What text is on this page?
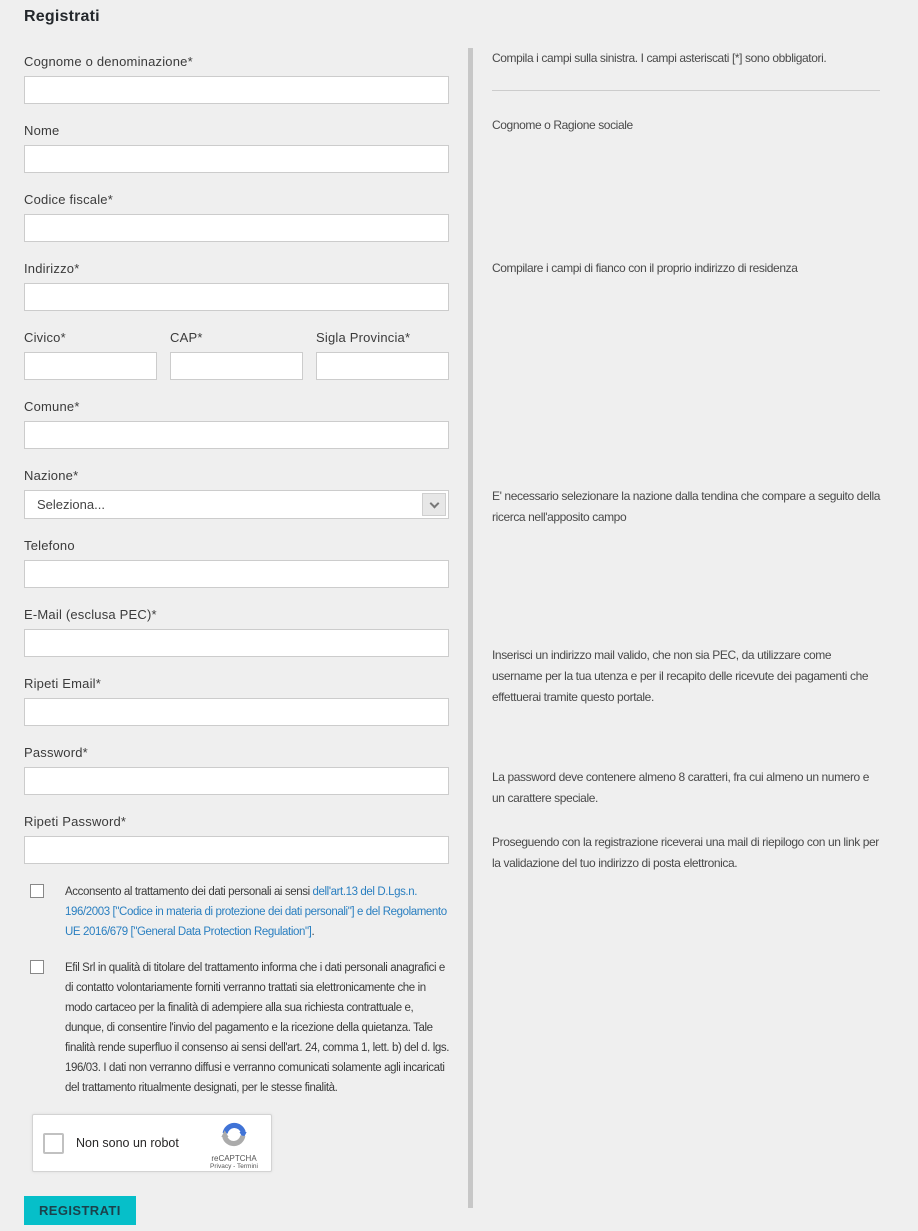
Registrati
Cognome o denominazione*
Nome
Codice fiscale*
Indirizzo*
Civico*	CAP*	Sigla Provincia*
Comune*
Nazione*
Seleziona...
Telefono
E-Mail (esclusa PEC)*
Ripeti Email*
Password*
Ripeti Password*

Acconsento al trattamento dei dati personali ai sensi dell'art.13 del D.Lgs.n. 196/2003 ["Codice in materia di protezione dei dati personali"] e del Regolamento UE 2016/679 ["General Data Protection Regulation"].

Efil Srl in qualità di titolare del trattamento informa che i dati personali anagrafici e di contatto volontariamente forniti verranno trattati sia elettronicamente che in modo cartaceo per la finalità di adempiere alla sua richiesta contrattuale e, dunque, di consentire l'invio del pagamento e la ricezione della quietanza. Tale finalità rende superfluo il consenso ai sensi dell'art. 24, comma 1, lett. b) del d. lgs. 196/03. I dati non verranno diffusi e verranno comunicati solamente agli incaricati del trattamento ritualmente designati, per le stesse finalità.

Non sono un robot
reCAPTCHA
Privacy - Termini
REGISTRATI

Compila i campi sulla sinistra. I campi asteriscati [*] sono obbligatori.

Cognome o Ragione sociale

Compilare i campi di fianco con il proprio indirizzo di residenza

E' necessario selezionare la nazione dalla tendina che compare a seguito della ricerca nell'apposito campo

Inserisci un indirizzo mail valido, che non sia PEC, da utilizzare come username per la tua utenza e per il recapito delle ricevute dei pagamenti che effettuerai tramite questo portale.

La password deve contenere almeno 8 caratteri, fra cui almeno un numero e un carattere speciale.

Proseguendo con la registrazione riceverai una mail di riepilogo con un link per la validazione del tuo indirizzo di posta elettronica.
